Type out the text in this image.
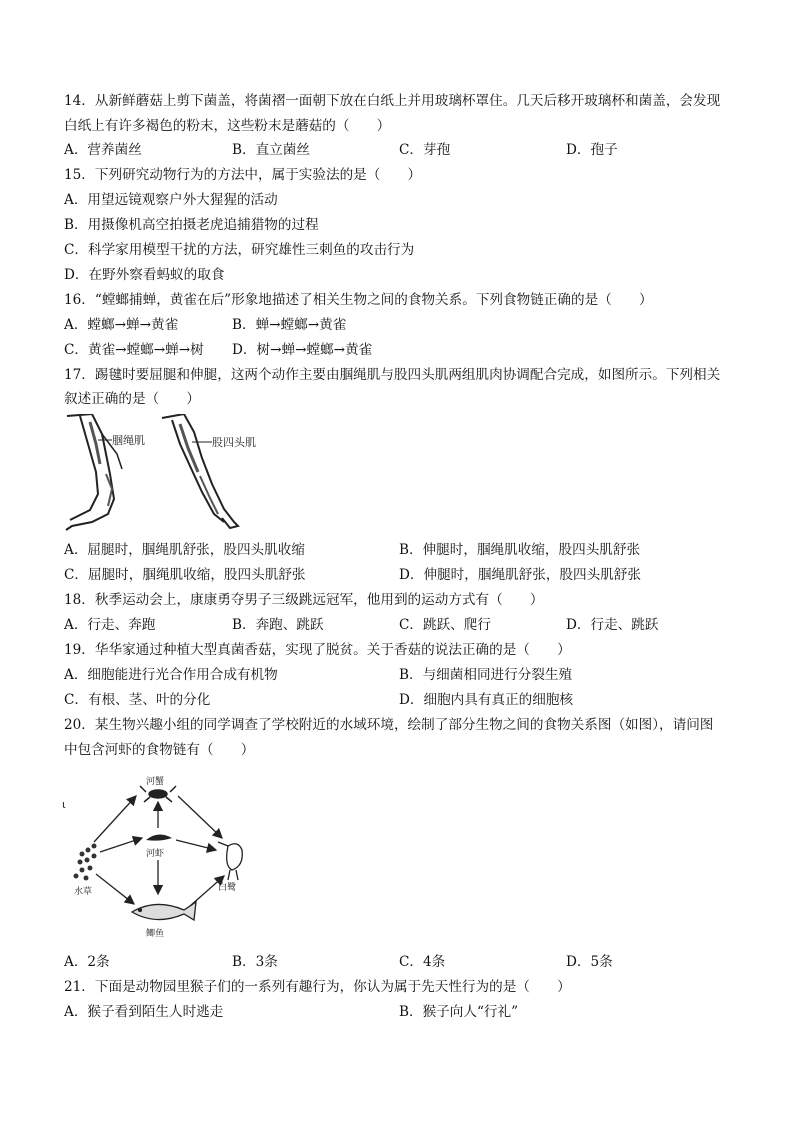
14．从新鲜蘑菇上剪下菌盖，将菌褶一面朝下放在白纸上并用玻璃杯罩住。几天后移开玻璃杯和菌盖，会发现
白纸上有许多褐色的粉末，这些粉末是蘑菇的（　　）
A．营养菌丝	B．直立菌丝	C．芽孢	D．孢子
15．下列研究动物行为的方法中，属于实验法的是（　　）
A．用望远镜观察户外大猩猩的活动
B．用摄像机高空拍摄老虎追捕猎物的过程
C．科学家用模型干扰的方法，研究雄性三刺鱼的攻击行为
D．在野外察看蚂蚁的取食
16．“螳螂捕蝉，黄雀在后”形象地描述了相关生物之间的食物关系。下列食物链正确的是（　　）
A．螳螂→蝉→黄雀	B．蝉→螳螂→黄雀
C．黄雀→螳螂→蝉→树 D．树→蝉→螳螂→黄雀
17．踢毽时要屈腿和伸腿，这两个动作主要由腘绳肌与股四头肌两组肌肉协调配合完成，如图所示。下列相关
叙述正确的是（　　）
腘绳肌	股四头肌
A．屈腿时，腘绳肌舒张，股四头肌收缩	B．伸腿时，腘绳肌收缩，股四头肌舒张
C．屈腿时，腘绳肌收缩，股四头肌舒张	D．伸腿时，腘绳肌舒张，股四头肌舒张
18．秋季运动会上，康康勇夺男子三级跳远冠军，他用到的运动方式有（　　）
A．行走、奔跑	B．奔跑、跳跃	C．跳跃、爬行	D．行走、跳跃
19．华华家通过种植大型真菌香菇，实现了脱贫。关于香菇的说法正确的是（　　）
A．细胞能进行光合作用合成有机物	B．与细菌相同进行分裂生殖
C．有根、茎、叶的分化	D．细胞内具有真正的细胞核
20．某生物兴趣小组的同学调查了学校附近的水域环境，绘制了部分生物之间的食物关系图（如图），请问图
中包含河虾的食物链有（　　）
ι
河蟹
河虾
水草	白鹭
鲫鱼
A．2条	B．3条	C．4条	D．5条
21．下面是动物园里猴子们的一系列有趣行为，你认为属于先天性行为的是（　　）
A．猴子看到陌生人时逃走	B．猴子向人“行礼”
